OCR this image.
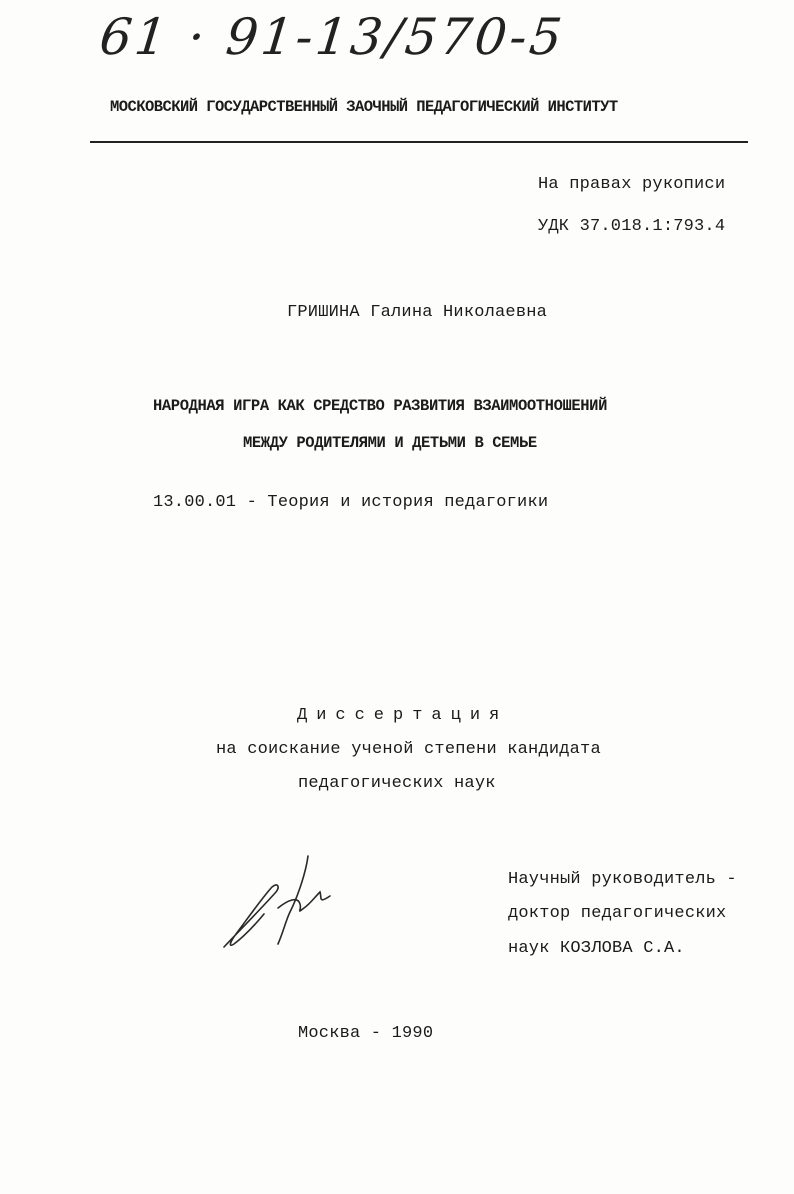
61 · 91-13/570-5
МОСКОВСКИЙ ГОСУДАРСТВЕННЫЙ ЗАОЧНЫЙ ПЕДАГОГИЧЕСКИЙ ИНСТИТУТ
На правах рукописи
УДК 37.018.1:793.4
ГРИШИНА Галина Николаевна
НАРОДНАЯ ИГРА КАК СРЕДСТВО РАЗВИТИЯ ВЗАИМООТНОШЕНИЙ
МЕЖДУ РОДИТЕЛЯМИ И ДЕТЬМИ В СЕМЬЕ
13.00.01 - Теория и история педагогики
Диссертация
на соискание ученой степени кандидата
педагогических наук
Научный руководитель -
доктор педагогических
наук КОЗЛОВА С.А.
Москва - 1990
